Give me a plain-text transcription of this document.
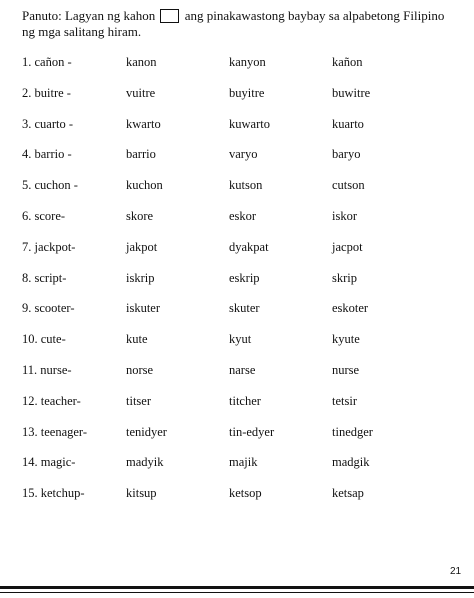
Panuto: Lagyan ng kahon ang pinakawastong baybay sa alpabetong Filipino
ng mga salitang hiram.
1. cañon -	kanon	kanyon	kañon
2. buitre -	vuitre	buyitre	buwitre
3. cuarto -	kwarto	kuwarto	kuarto
4. barrio -	barrio	varyo	baryo
5. cuchon -	kuchon	kutson	cutson
6. score-	skore	eskor	iskor
7. jackpot-	jakpot	dyakpat	jacpot
8. script-	iskrip	eskrip	skrip
9. scooter-	iskuter	skuter	eskoter
10. cute-	kute	kyut	kyute
11. nurse-	norse	narse	nurse
12. teacher-	titser	titcher	tetsir
13. teenager-	tenidyer	tin-edyer	tinedger
14. magic-	madyik	majik	madgik
15. ketchup-	kitsup	ketsop	ketsap
21
